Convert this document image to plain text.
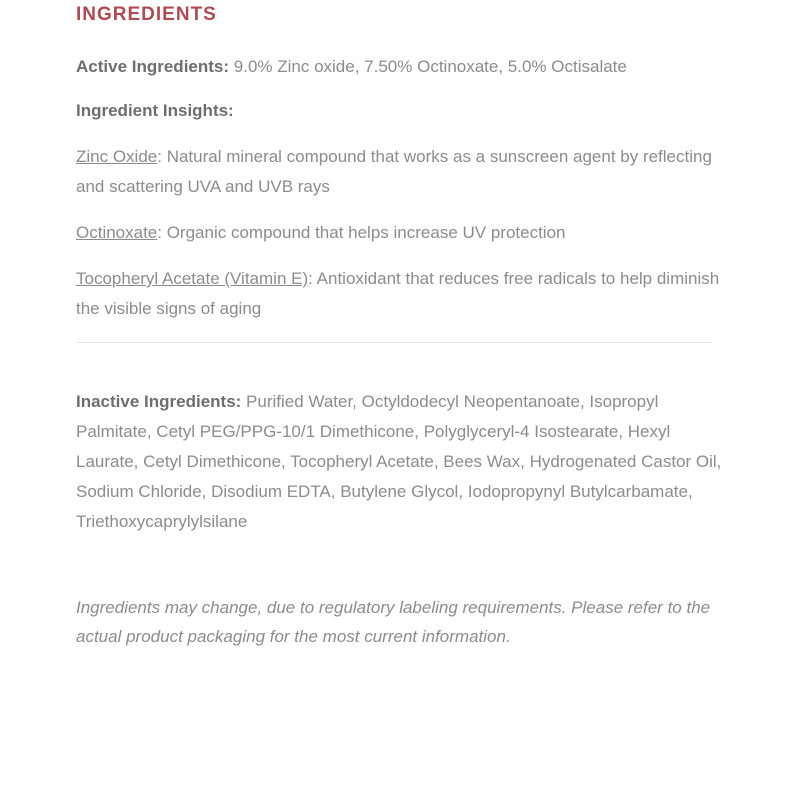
INGREDIENTS

Active Ingredients: 9.0% Zinc oxide, 7.50% Octinoxate, 5.0% Octisalate

Ingredient Insights:

Zinc Oxide: Natural mineral compound that works as a sunscreen agent by reflecting and scattering UVA and UVB rays

Octinoxate: Organic compound that helps increase UV protection

Tocopheryl Acetate (Vitamin E): Antioxidant that reduces free radicals to help diminish the visible signs of aging

Inactive Ingredients: Purified Water, Octyldodecyl Neopentanoate, Isopropyl Palmitate, Cetyl PEG/PPG-10/1 Dimethicone, Polyglyceryl-4 Isostearate, Hexyl Laurate, Cetyl Dimethicone, Tocopheryl Acetate, Bees Wax, Hydrogenated Castor Oil, Sodium Chloride, Disodium EDTA, Butylene Glycol, Iodopropynyl Butylcarbamate, Triethoxycaprylylsilane

Ingredients may change, due to regulatory labeling requirements. Please refer to the actual product packaging for the most current information.
